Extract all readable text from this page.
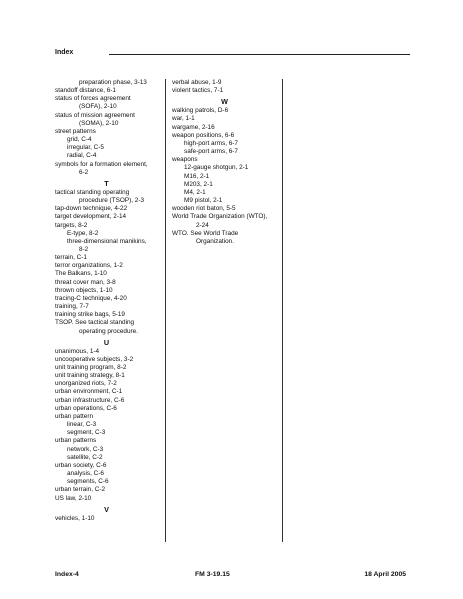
Index
preparation phase, 3-13
standoff distance, 6-1
status of forces agreement
(SOFA), 2-10
status of mission agreement
(SOMA), 2-10
street patterns
grid, C-4
irregular, C-5
radial, C-4
symbols for a formation element,
6-2
T
tactical standing operating
procedure (TSOP), 2-3
tap-down technique, 4-22
target development, 2-14
targets, 8-2
E-type, 8-2
three-dimensional manikins,
8-2
terrain, C-1
terror organizations, 1-2
The Balkans, 1-10
threat cover man, 3-8
thrown objects, 1-10
tracing-C technique, 4-20
training, 7-7
training strike bags, 5-19
TSOP. See tactical standing
operating procedure.
U
unanimous, 1-4
uncooperative subjects, 3-2
unit training program, 8-2
unit training strategy, 8-1
unorganized riots, 7-2
urban environment, C-1
urban infrastructure, C-6
urban operations, C-6
urban pattern
linear, C-3
segment, C-3
urban patterns
network, C-3
satellite, C-2
urban society, C-6
analysis, C-6
segments, C-6
urban terrain, C-2
US law, 2-10
V
vehicles, 1-10
verbal abuse, 1-9
violent tactics, 7-1
W
walking patrols, D-6
war, 1-1
wargame, 2-16
weapon positions, 6-6
high-port arms, 6-7
safe-port arms, 6-7
weapons
12-gauge shotgun, 2-1
M16, 2-1
M203, 2-1
M4, 2-1
M9 pistol, 2-1
wooden riot baton, 5-5
World Trade Organization (WTO),
2-24
WTO. See World Trade
Organization.
Index-4	FM 3-19.15	18 April 2005
